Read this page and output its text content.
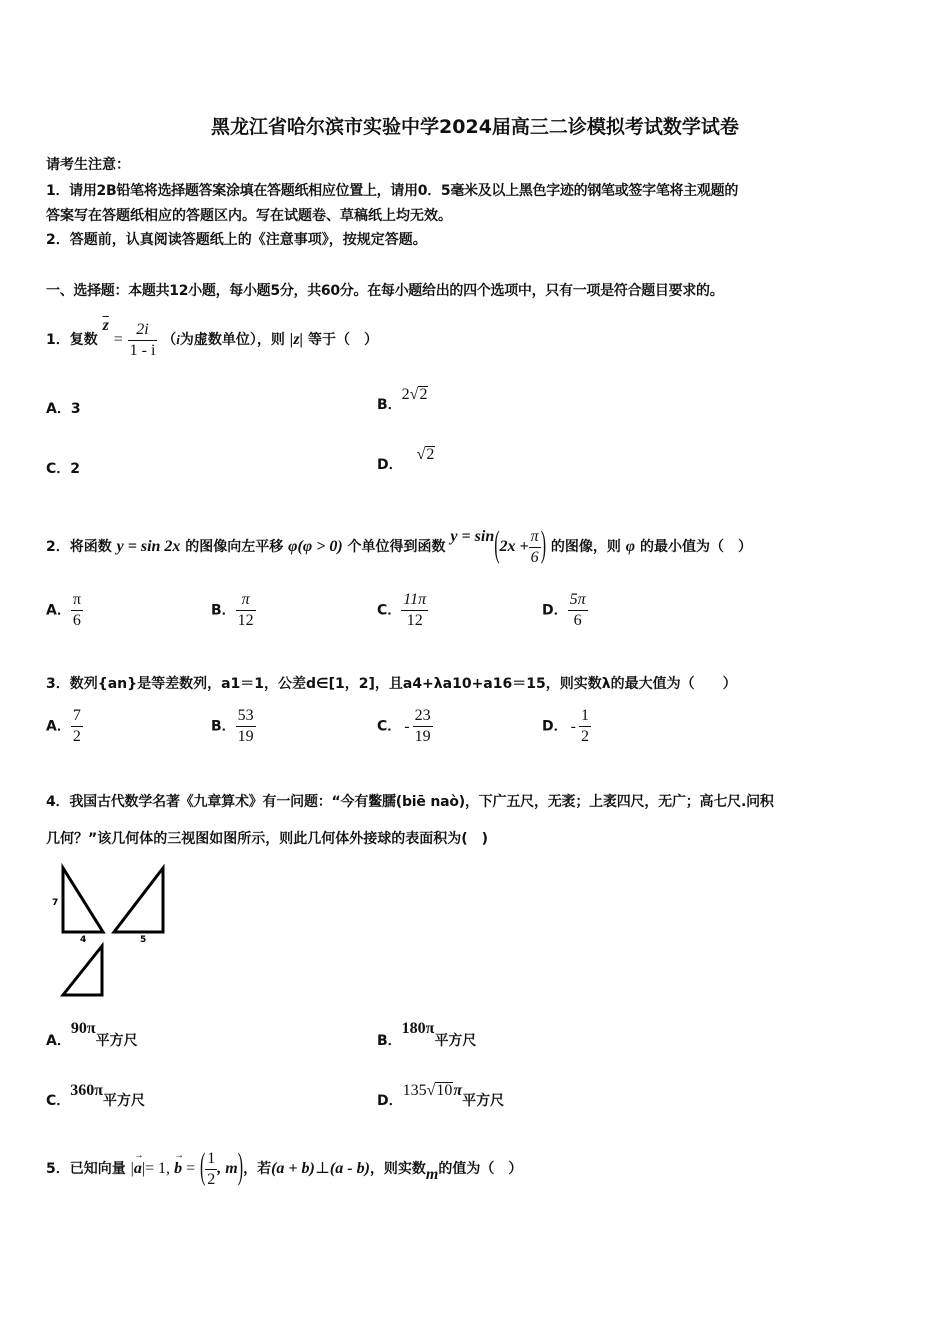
黑龙江省哈尔滨市实验中学2024届高三二诊模拟考试数学试卷
请考生注意：
1．请用2B铅笔将选择题答案涂填在答题纸相应位置上，请用0．5毫米及以上黑色字迹的钢笔或签字笔将主观题的
答案写在答题纸相应的答题区内。写在试题卷、草稿纸上均无效。
2．答题前，认真阅读答题纸上的《注意事项》，按规定答题。
一、选择题：本题共12小题，每小题5分，共60分。在每小题给出的四个选项中，只有一项是符合题目要求的。
1．复数 $\overline{z} = \frac{2i}{1 - i} (i$为虚数单位），则 |z| 等于（　）
A．3	B．2√2
C．2	D．√2
2．将函数 y = sin 2x 的图像向左平移 φ(φ > 0) 个单位得到函数 $y = \sin(2x + \frac{\pi}{6}$ ) 的图像，则 φ 的最小值为（　）
A． $\frac{\pi}{6}$	B． $\frac{\pi}{12}$	C． $\frac{11\pi}{12}$	D． $\frac{5\pi}{6}$
3．数列{an}是等差数列，a1＝1，公差d∈[1，2]，且a4+λa10+a16＝15，则实数λ的最大值为（　　）
A． $\frac{7}{2}$	B． $\frac{53}{19}$	C． - $\frac{23}{19}$	D． - $\frac{1}{2}$
4．我国古代数学名著《九章算术》有一问题：“今有鳖臑(biē naò)，下广五尺，无袤；上袤四尺，无广；高七尺.问积
几何？”该几何体的三视图如图所示，则此几何体外接球的表面积为(　)
7
4	5
A．90π平方尺	B．180π平方尺
C．360π平方尺	D．135√10π平方尺
5．已知向量 |→ a|= 1, → b = ( $\frac{1}{2}$ , m)，若(a + b)⊥(a - b)，则实数m的值为（　）
